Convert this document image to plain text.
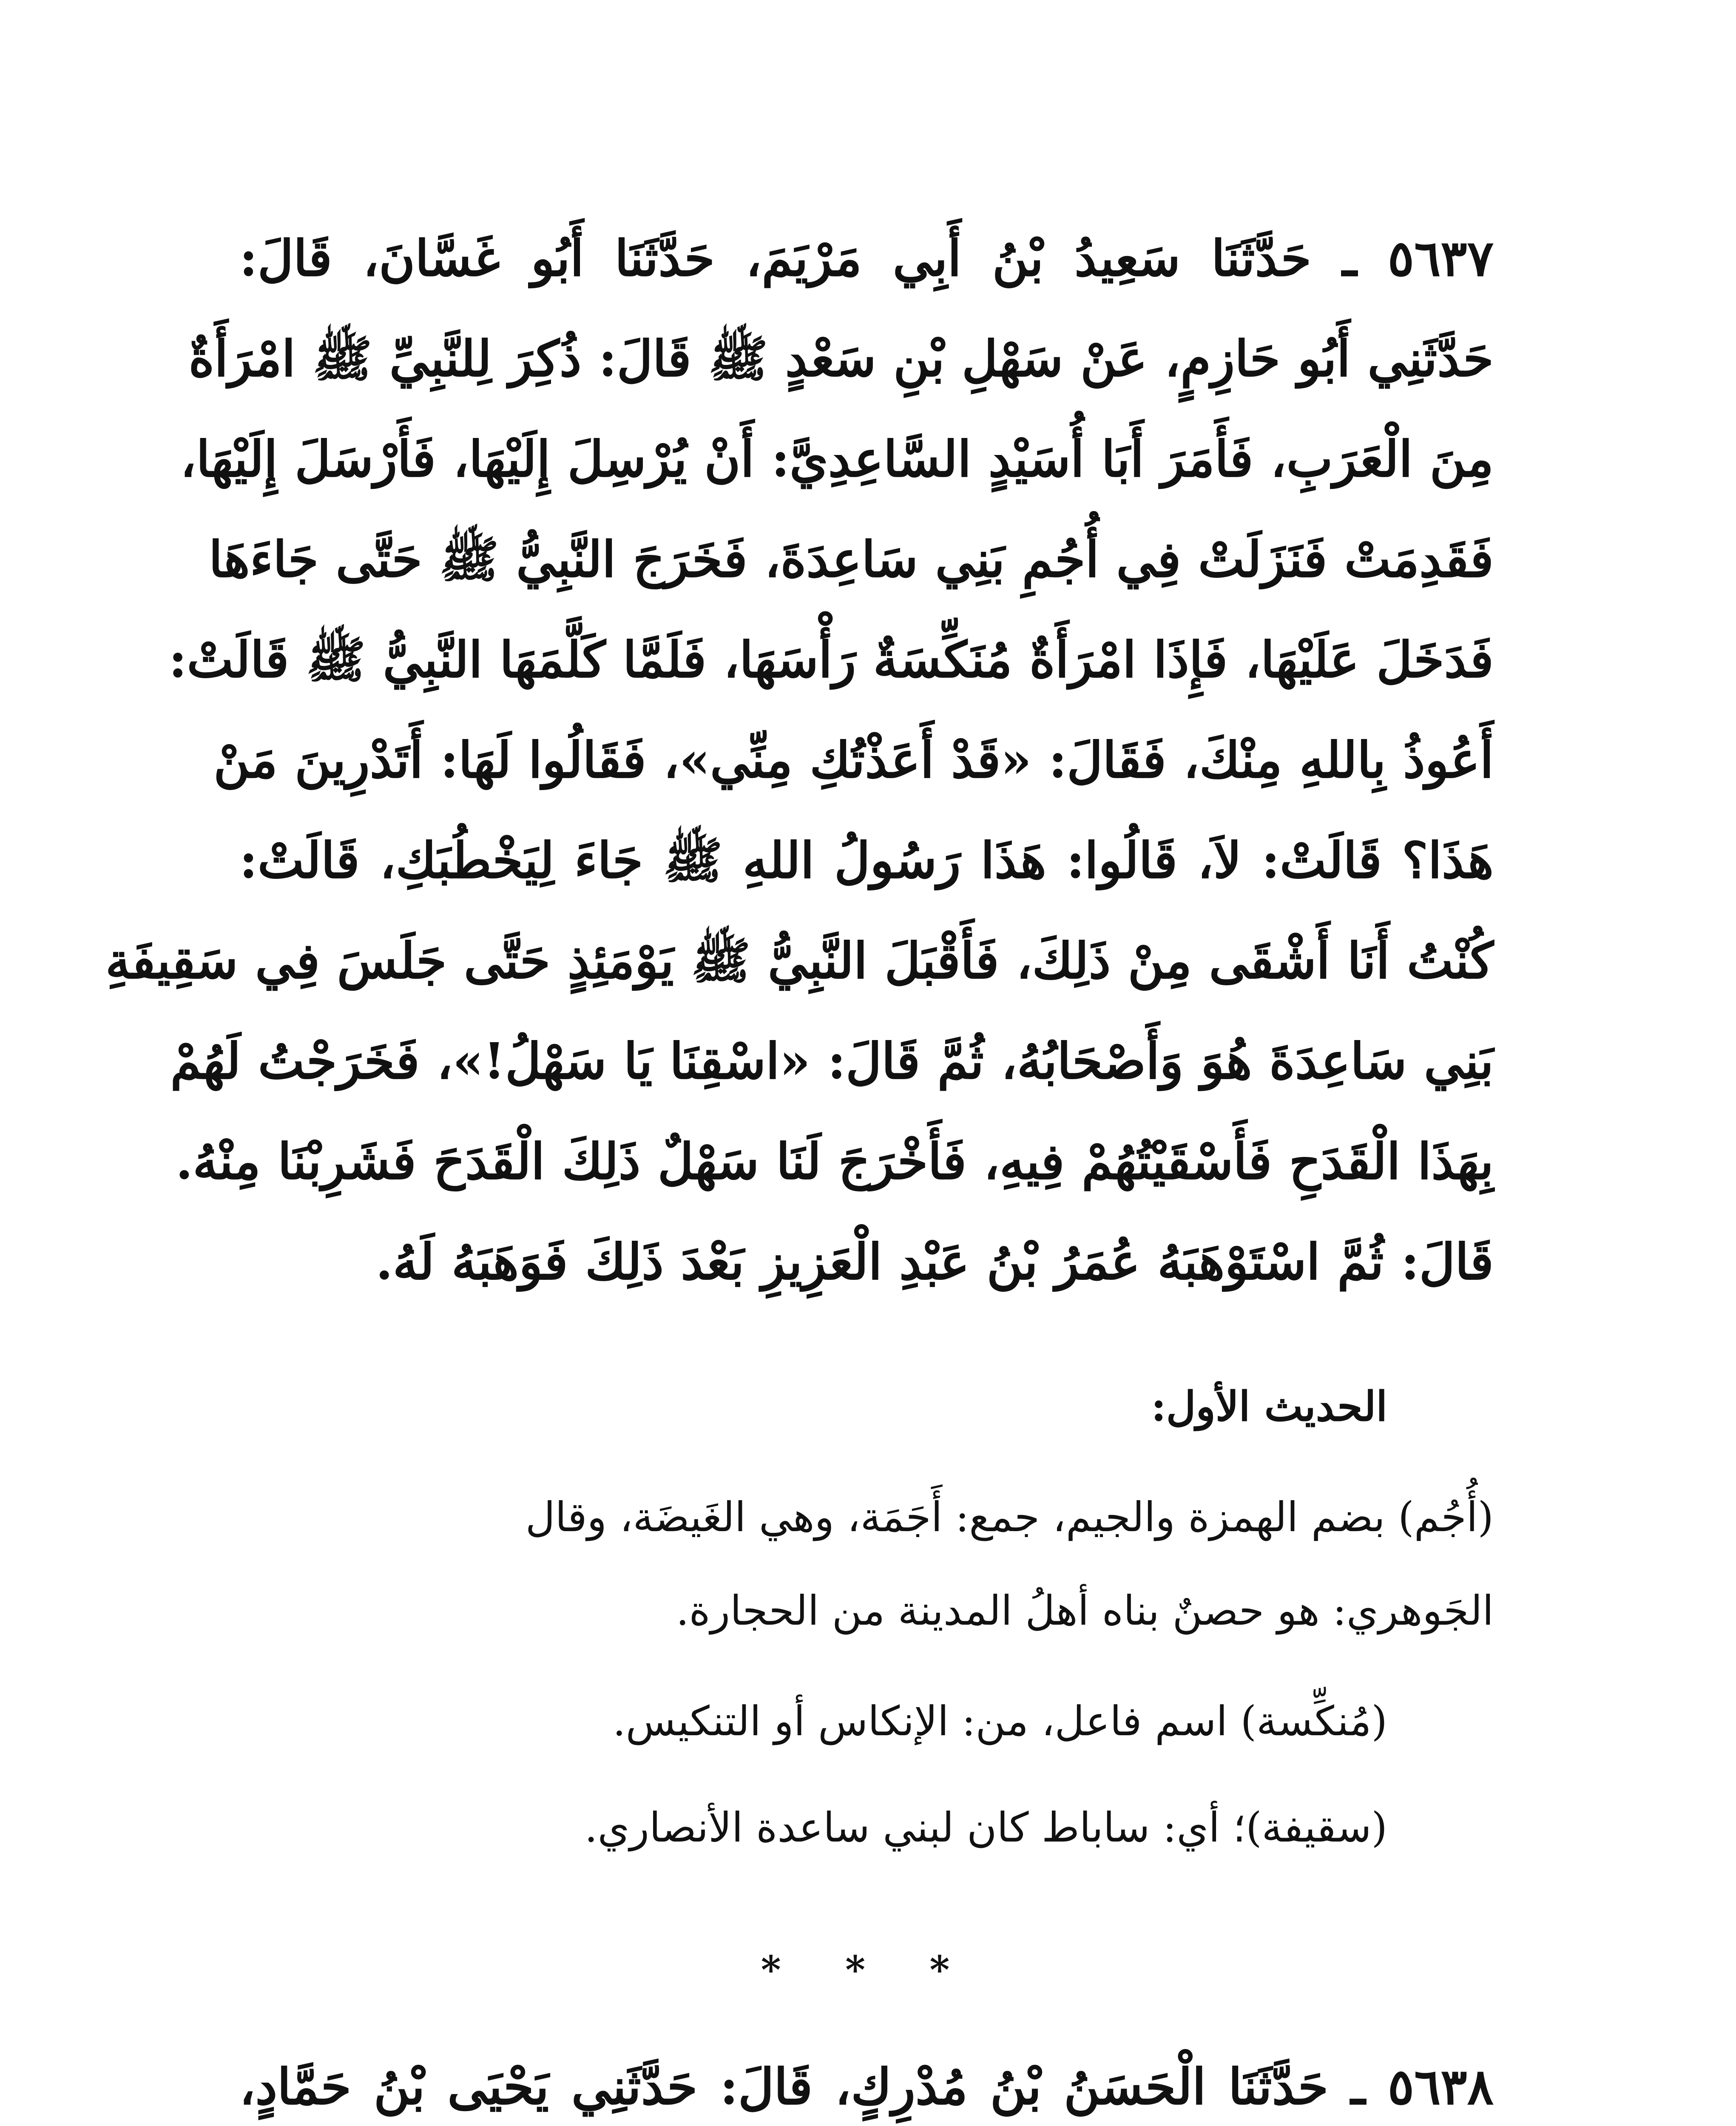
٥٦٣٧ ـ حَدَّثَنَا سَعِيدُ بْنُ أَبِي مَرْيَمَ، حَدَّثَنَا أَبُو غَسَّانَ، قَالَ:
حَدَّثَنِي أَبُو حَازِمٍ، عَنْ سَهْلِ بْنِ سَعْدٍ ﷺ قَالَ: ذُكِرَ لِلنَّبِيِّ ﷺ امْرَأَةٌ
مِنَ الْعَرَبِ، فَأَمَرَ أَبَا أُسَيْدٍ السَّاعِدِيَّ: أَنْ يُرْسِلَ إِلَيْهَا، فَأَرْسَلَ إِلَيْهَا،
فَقَدِمَتْ فَنَزَلَتْ فِي أُجُمِ بَنِي سَاعِدَةَ، فَخَرَجَ النَّبِيُّ ﷺ حَتَّى جَاءَهَا
فَدَخَلَ عَلَيْهَا، فَإِذَا امْرَأَةٌ مُنَكِّسَةٌ رَأْسَهَا، فَلَمَّا كَلَّمَهَا النَّبِيُّ ﷺ قَالَتْ:
أَعُوذُ بِاللهِ مِنْكَ، فَقَالَ: «قَدْ أَعَذْتُكِ مِنِّي»، فَقَالُوا لَهَا: أَتَدْرِينَ مَنْ
هَذَا؟ قَالَتْ: لاَ، قَالُوا: هَذَا رَسُولُ اللهِ ﷺ جَاءَ لِيَخْطُبَكِ، قَالَتْ:
كُنْتُ أَنَا أَشْقَى مِنْ ذَلِكَ، فَأَقْبَلَ النَّبِيُّ ﷺ يَوْمَئِذٍ حَتَّى جَلَسَ فِي سَقِيفَةِ
بَنِي سَاعِدَةَ هُوَ وَأَصْحَابُهُ، ثُمَّ قَالَ: «اسْقِنَا يَا سَهْلُ!»، فَخَرَجْتُ لَهُمْ
بِهَذَا الْقَدَحِ فَأَسْقَيْتُهُمْ فِيهِ، فَأَخْرَجَ لَنَا سَهْلٌ ذَلِكَ الْقَدَحَ فَشَرِبْنَا مِنْهُ.
قَالَ: ثُمَّ اسْتَوْهَبَهُ عُمَرُ بْنُ عَبْدِ الْعَزِيزِ بَعْدَ ذَلِكَ فَوَهَبَهُ لَهُ.
الحديث الأول:
(أُجُم) بضم الهمزة والجيم، جمع: أَجَمَة، وهي الغَيضَة، وقال
الجَوهري: هو حصنٌ بناه أهلُ المدينة من الحجارة.
(مُنكِّسة) اسم فاعل، من: الإنكاس أو التنكيس.
(سقيفة)؛ أي: ساباط كان لبني ساعدة الأنصاري.
* * *
٥٦٣٨ ـ حَدَّثَنَا الْحَسَنُ بْنُ مُدْرِكٍ، قَالَ: حَدَّثَنِي يَحْيَى بْنُ حَمَّادٍ،
